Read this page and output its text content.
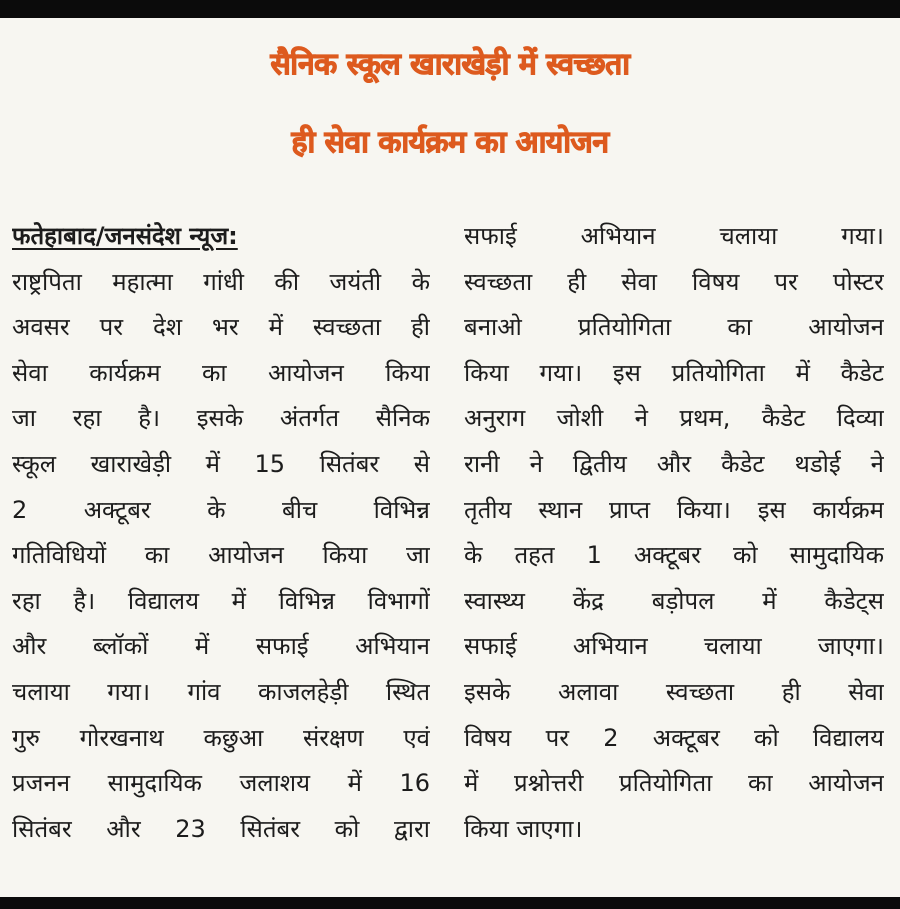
सैनिक स्कूल खाराखेड़ी में स्वच्छता
ही सेवा कार्यक्रम का आयोजन
फतेहाबाद/जनसंदेश न्यूज:
राष्ट्रपिता महात्मा गांधी की जयंती के
अवसर पर देश भर में स्वच्छता ही
सेवा कार्यक्रम का आयोजन किया
जा रहा है। इसके अंतर्गत सैनिक
स्कूल खाराखेड़ी में 15 सितंबर से
2 अक्टूबर के बीच विभिन्न
गतिविधियों का आयोजन किया जा
रहा है। विद्यालय में विभिन्न विभागों
और ब्लॉकों में सफाई अभियान
चलाया गया। गांव काजलहेड़ी स्थित
गुरु गोरखनाथ कछुआ संरक्षण एवं
प्रजनन सामुदायिक जलाशय में 16
सितंबर और 23 सितंबर को द्वारा
सफाई अभियान चलाया गया।
स्वच्छता ही सेवा विषय पर पोस्टर
बनाओ प्रतियोगिता का आयोजन
किया गया। इस प्रतियोगिता में कैडेट
अनुराग जोशी ने प्रथम, कैडेट दिव्या
रानी ने द्वितीय और कैडेट थडोई ने
तृतीय स्थान प्राप्त किया। इस कार्यक्रम
के तहत 1 अक्टूबर को सामुदायिक
स्वास्थ्य केंद्र बड़ोपल में कैडेट्स
सफाई अभियान चलाया जाएगा।
इसके अलावा स्वच्छता ही सेवा
विषय पर 2 अक्टूबर को विद्यालय
में प्रश्नोत्तरी प्रतियोगिता का आयोजन
किया जाएगा।
